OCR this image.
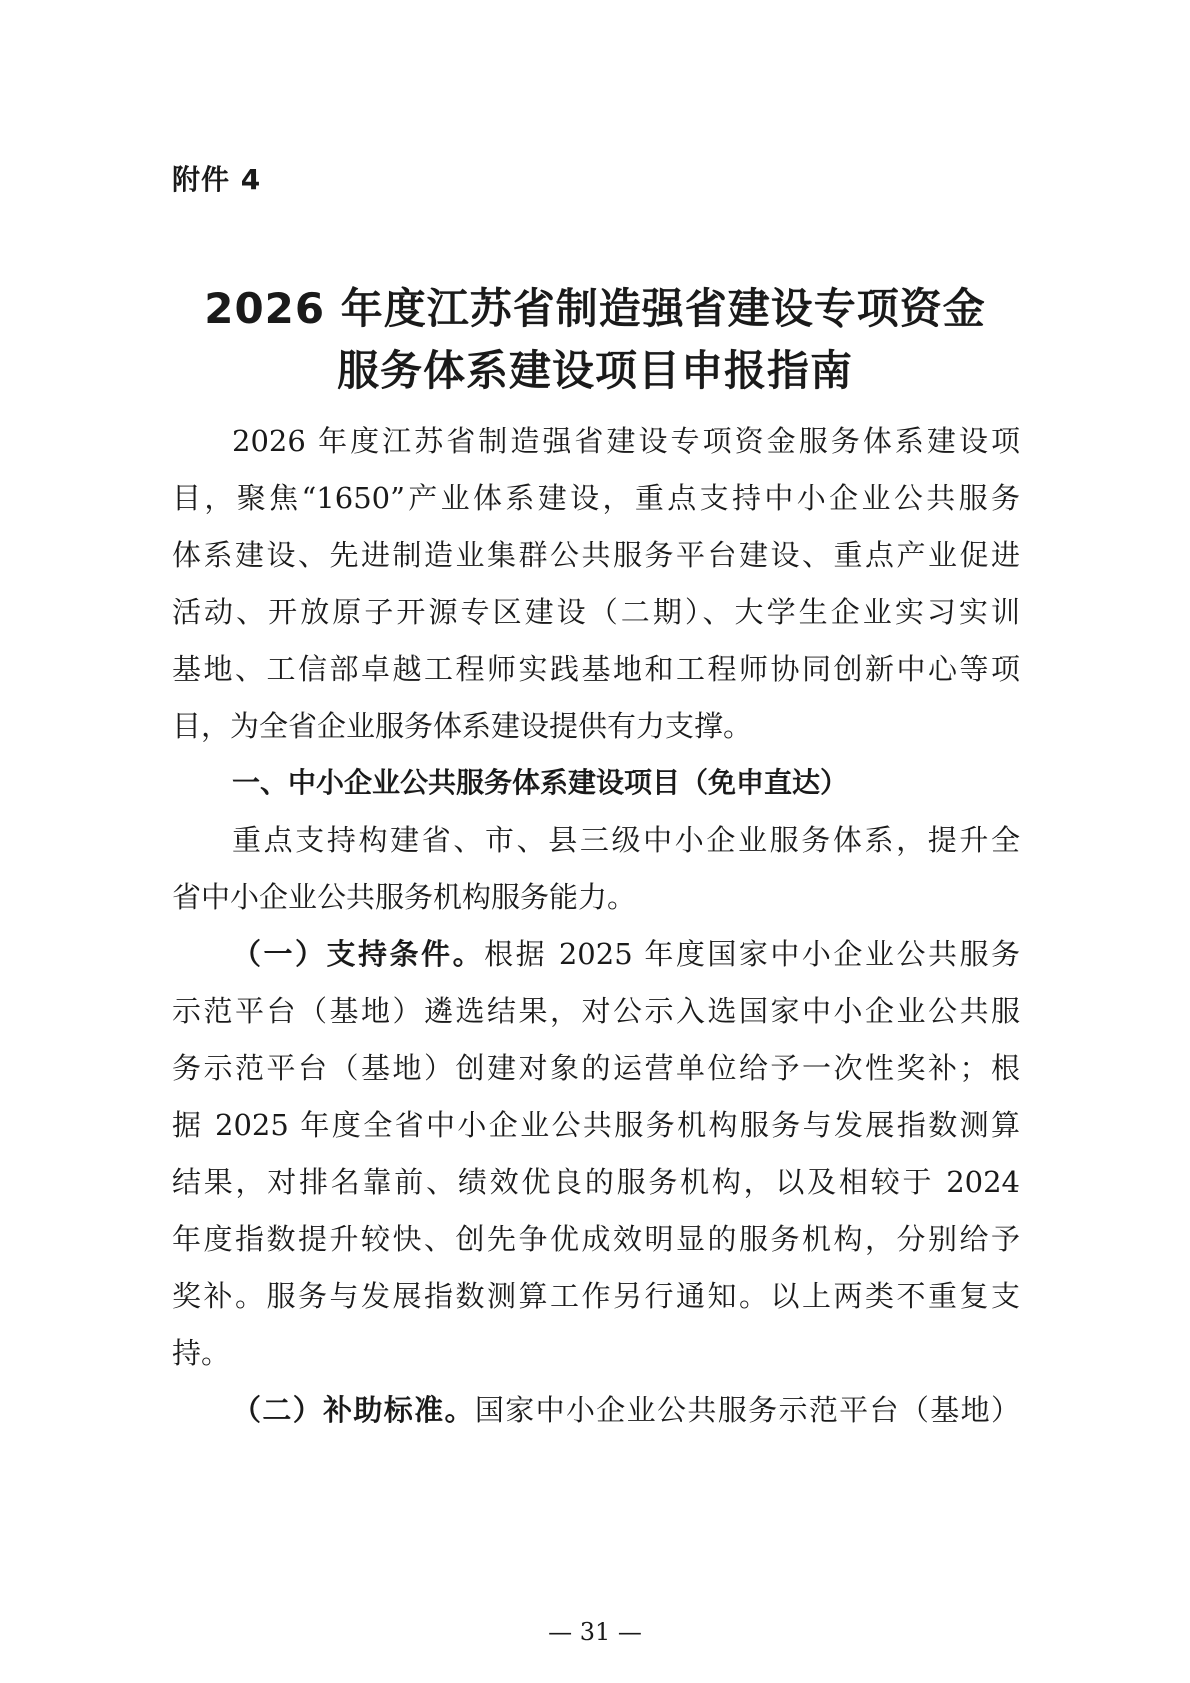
附件 4
2026 年度江苏省制造强省建设专项资金
服务体系建设项目申报指南
2026 年度江苏省制造强省建设专项资金服务体系建设项
目，聚焦“1650”产业体系建设，重点支持中小企业公共服务
体系建设、先进制造业集群公共服务平台建设、重点产业促进
活动、开放原子开源专区建设（二期）、大学生企业实习实训
基地、工信部卓越工程师实践基地和工程师协同创新中心等项
目，为全省企业服务体系建设提供有力支撑。
一、中小企业公共服务体系建设项目（免申直达）
重点支持构建省、市、县三级中小企业服务体系，提升全
省中小企业公共服务机构服务能力。
（一）支持条件。根据 2025 年度国家中小企业公共服务
示范平台（基地）遴选结果，对公示入选国家中小企业公共服
务示范平台（基地）创建对象的运营单位给予一次性奖补；根
据 2025 年度全省中小企业公共服务机构服务与发展指数测算
结果，对排名靠前、绩效优良的服务机构，以及相较于 2024
年度指数提升较快、创先争优成效明显的服务机构，分别给予
奖补。服务与发展指数测算工作另行通知。以上两类不重复支
持。
（二）补助标准。国家中小企业公共服务示范平台（基地）
— 31 —
